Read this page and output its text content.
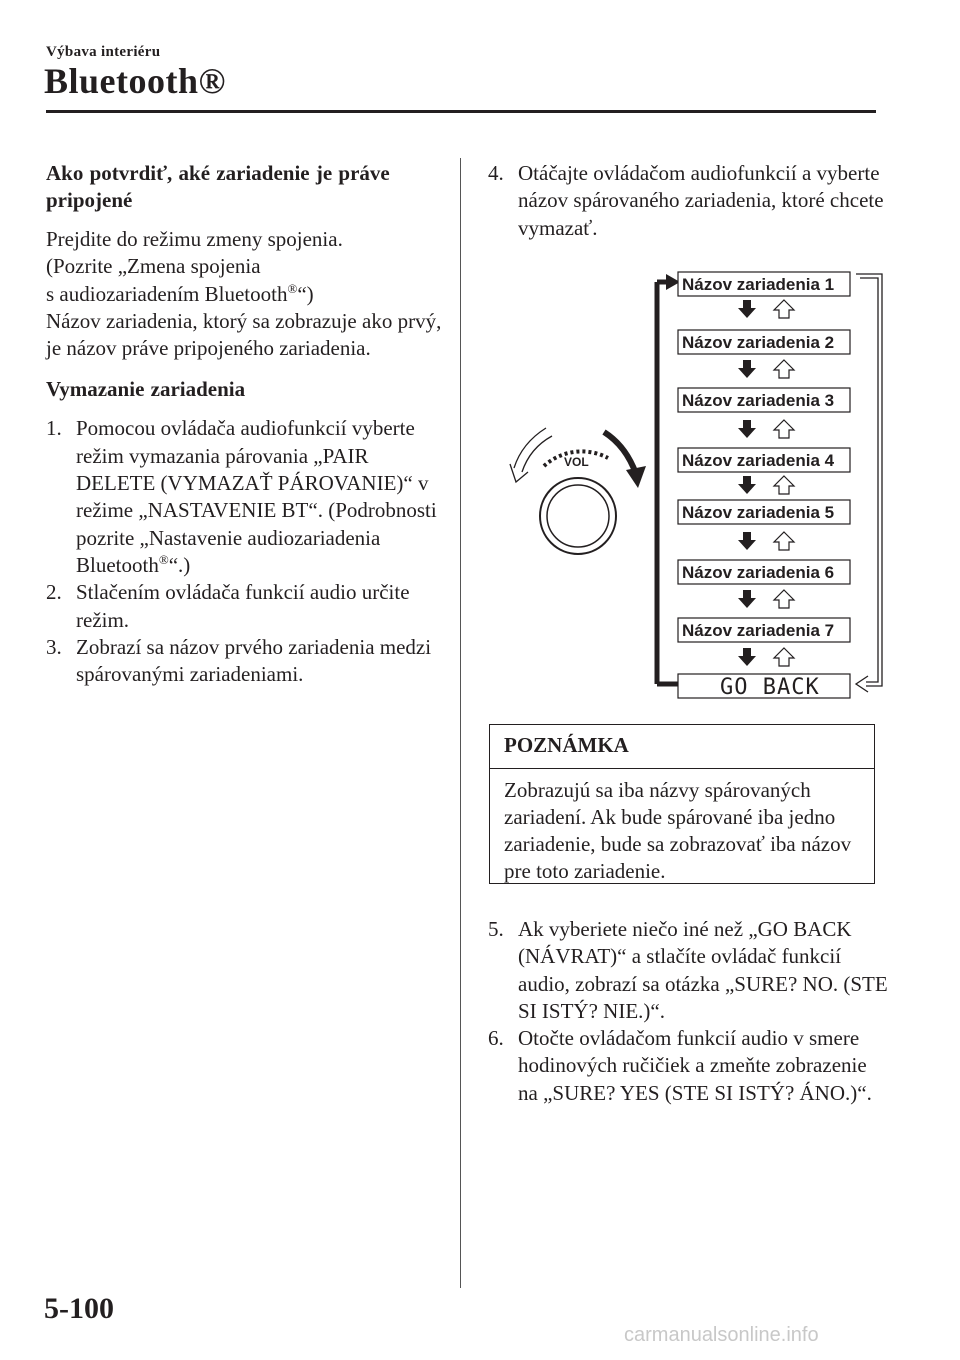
Výbava interiéru
Bluetooth®
Ako potvrdiť, aké zariadenie je práve pripojené

Prejdite do režimu zmeny spojenia.
(Pozrite „Zmena spojenia
s audiozariadením Bluetooth®“)
Názov zariadenia, ktorý sa zobrazuje ako prvý, je názov práve pripojeného zariadenia.

Vymazanie zariadenia
1. Pomocou ovládača audiofunkcií vyberte režim vymazania párovania „PAIR DELETE (VYMAZAŤ PÁROVANIE)“ v režime „NASTAVENIE BT“. (Podrobnosti pozrite „Nastavenie audiozariadenia Bluetooth®“.)
2. Stlačením ovládača funkcií audio určite režim.
3. Zobrazí sa názov prvého zariadenia medzi spárovanými zariadeniami.
4. Otáčajte ovládačom audiofunkcií a vyberte názov spárovaného zariadenia, ktoré chcete vymazať.
VOL
Názov zariadenia 1
Názov zariadenia 2
Názov zariadenia 3
Názov zariadenia 4
Názov zariadenia 5
Názov zariadenia 6
Názov zariadenia 7
GO BACK
POZNÁMKA
Zobrazujú sa iba názvy spárovaných zariadení. Ak bude spárované iba jedno zariadenie, bude sa zobrazovať iba názov pre toto zariadenie.
5. Ak vyberiete niečo iné než „GO BACK (NÁVRAT)“ a stlačíte ovládač funkcií audio, zobrazí sa otázka „SURE? NO. (STE SI ISTÝ? NIE.)“.
6. Otočte ovládačom funkcií audio v smere hodinových ručičiek a zmeňte zobrazenie na „SURE? YES (STE SI ISTÝ? ÁNO.)“.
5-100
carmanualsonline.info
